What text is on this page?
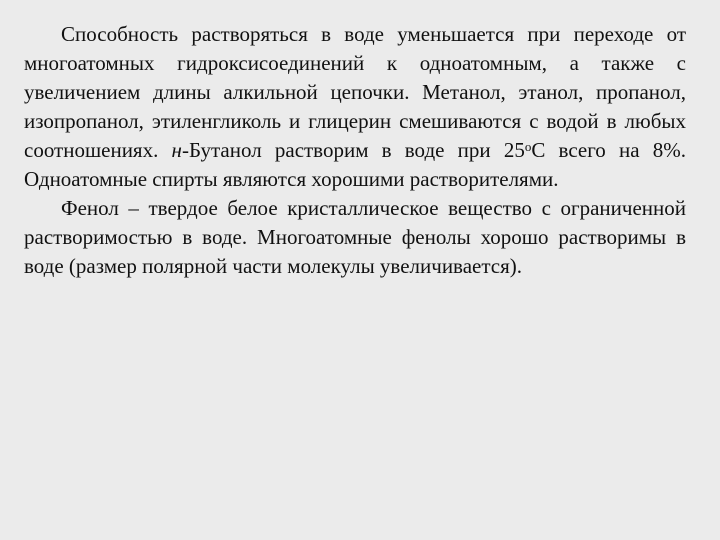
Способность растворяться в воде уменьшается при переходе от многоатомных гидроксисоединений к одноатомным, а также с увеличением длины алкильной цепочки. Метанол, этанол, пропанол, изопропанол, этиленгликоль и глицерин смешиваются с водой в любых соотношениях. н-Бутанол растворим в воде при 25$^o$С всего на 8%. Одноатомные спирты являются хорошими растворителями.

Фенол – твердое белое кристаллическое вещество с ограниченной растворимостью в воде. Многоатомные фенолы хорошо растворимы в воде (размер полярной части молекулы увеличивается).
